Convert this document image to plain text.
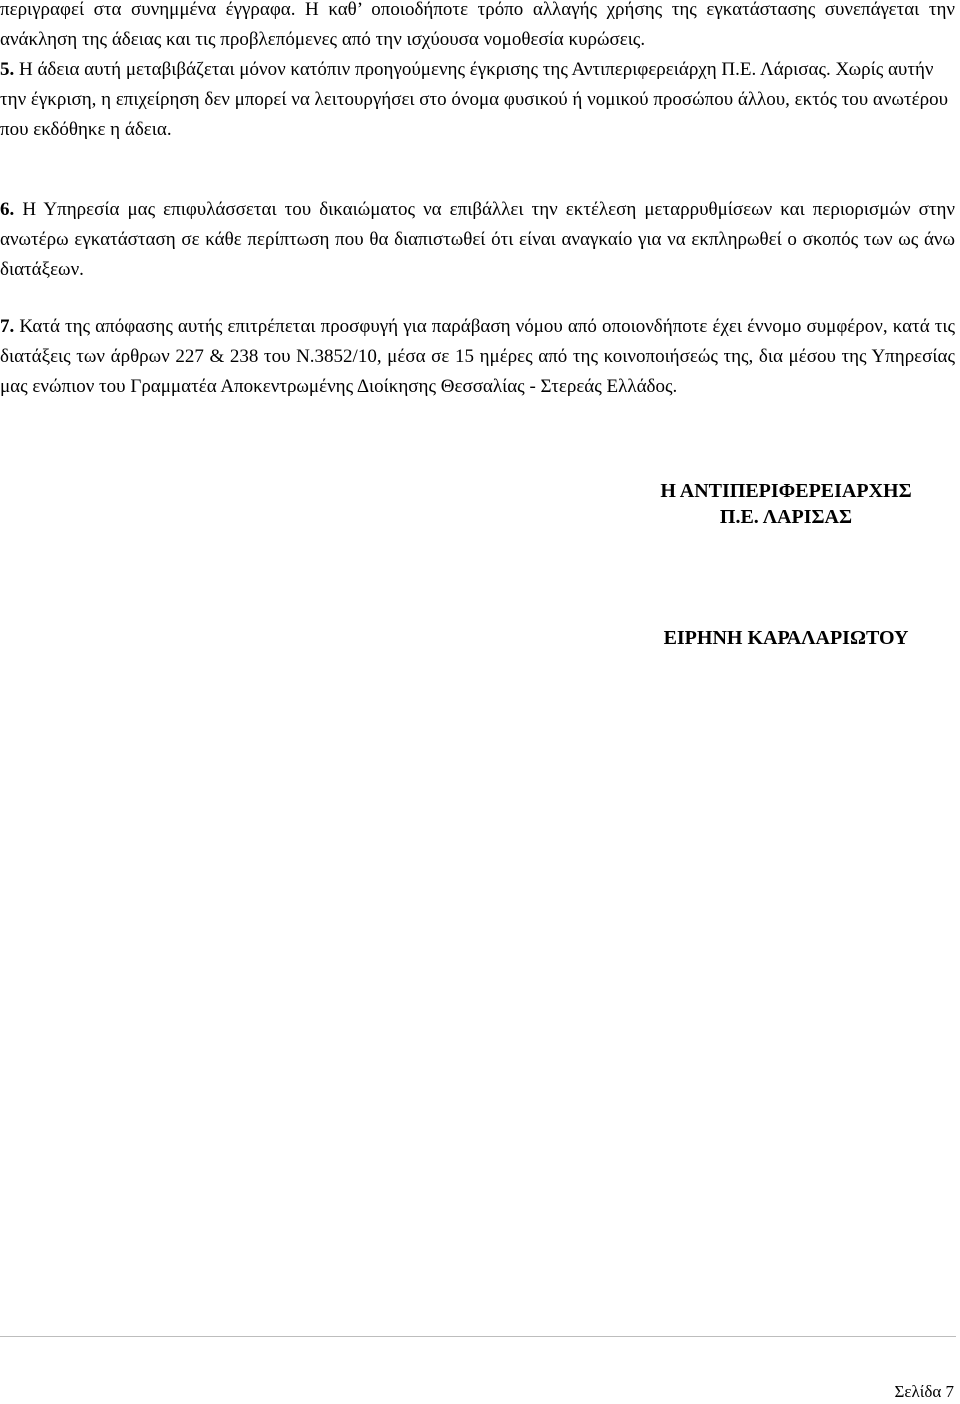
περιγραφεί στα συνημμένα έγγραφα. Η καθ’ οποιοδήποτε τρόπο αλλαγής χρήσης της εγκατάστασης συνεπάγεται την ανάκληση της άδειας και τις προβλεπόμενες από την ισχύουσα νομοθεσία κυρώσεις.

5. Η άδεια αυτή μεταβιβάζεται μόνον κατόπιν προηγούμενης έγκρισης της Αντιπεριφερειάρχη Π.Ε. Λάρισας. Χωρίς αυτήν την έγκριση, η επιχείρηση δεν μπορεί να λειτουργήσει στο όνομα φυσικού ή νομικού προσώπου άλλου, εκτός του ανωτέρου που εκδόθηκε η άδεια.

6. Η Υπηρεσία μας επιφυλάσσεται του δικαιώματος να επιβάλλει την εκτέλεση μεταρρυθμίσεων και περιορισμών στην ανωτέρω εγκατάσταση σε κάθε περίπτωση που θα διαπιστωθεί ότι είναι αναγκαίο για να εκπληρωθεί ο σκοπός των ως άνω διατάξεων.

7. Κατά της απόφασης αυτής επιτρέπεται προσφυγή για παράβαση νόμου από οποιονδήποτε έχει έννομο συμφέρον, κατά τις διατάξεις των άρθρων 227 & 238 του Ν.3852/10, μέσα σε 15 ημέρες από της κοινοποιήσεώς της, δια μέσου της Υπηρεσίας μας ενώπιον του Γραμματέα Αποκεντρωμένης Διοίκησης Θεσσαλίας - Στερεάς Ελλάδος.

Η ΑΝΤΙΠΕΡΙΦΕΡΕΙΑΡΧΗΣ
Π.Ε. ΛΑΡΙΣΑΣ
ΕΙΡΗΝΗ ΚΑΡΑΛΑΡΙΩΤΟΥ
Σελίδα 7
